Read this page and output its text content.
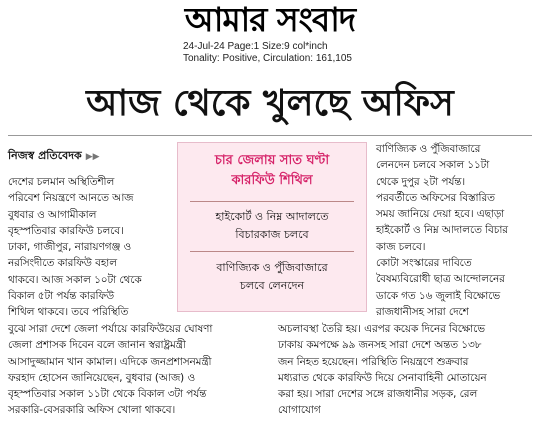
আমার সংবাদ
24-Jul-24 Page:1 Size:9 col*inch
Tonality: Positive, Circulation: 161,105
আজ থেকে খুলছে অফিস
নিজস্ব প্রতিবেদক ▶▶

দেশের চলমান অস্থিতিশীল

পরিবেশ নিয়ন্ত্রণে আনতে আজ

বুধবার ও আগামীকাল

বৃহস্পতিবার কারফিউ চলবে।

ঢাকা, গাজীপুর, নারায়ণগঞ্জ ও

নরসিংদীতে কারফিউ বহাল

থাকবে। আজ সকাল ১০টা থেকে

বিকাল ৫টা পর্যন্ত কারফিউ

শিথিল থাকবে। তবে পরিস্থিতি

চার জেলায় সাত ঘণ্টা
কারফিউ শিথিল
হাইকোর্ট ও নিম্ন আদালতে
বিচারকাজ চলবে
বাণিজ্যিক ও পুঁজিবাজারে
চলবে লেনদেন

বাণিজ্যিক ও পুঁজিবাজারে

লেনদেন চলবে সকাল ১১টা

থেকে দুপুর ২টা পর্যন্ত।

পরবর্তীতে অফিসের বিস্তারিত

সময় জানিয়ে দেয়া হবে। এছাড়া

হাইকোর্ট ও নিম্ন আদালতে বিচার

কাজ চলবে।

কোটা সংস্কারের দাবিতে

বৈষম্যবিরোধী ছাত্র আন্দোলনের

ডাকে গত ১৬ জুলাই বিক্ষোভে

রাজধানীসহ সারা দেশে

বুঝে সারা দেশে জেলা পর্যায়ে কারফিউয়ের ঘোষণা

জেলা প্রশাসক দিবেন বলে জানান স্বরাষ্ট্রমন্ত্রী

আসাদুজ্জামান খান কামাল। এদিকে জনপ্রশাসনমন্ত্রী

ফরহাদ হোসেন জানিয়েছেন, বুধবার (আজ) ও

বৃহস্পতিবার সকাল ১১টা থেকে বিকাল ৩টা পর্যন্ত

সরকারি-বেসরকারি অফিস খোলা থাকবে।

অচলাবস্থা তৈরি হয়। এরপর কয়েক দিনের বিক্ষোভে

ঢাকায় কমপক্ষে ৯৯ জনসহ সারা দেশে অন্তত ১৩৮

জন নিহত হয়েছেন। পরিস্থিতি নিয়ন্ত্রণে শুক্রবার

মধ্যরাত থেকে কারফিউ দিয়ে সেনাবাহিনী মোতায়েন

করা হয়। সারা দেশের সঙ্গে রাজধানীর সড়ক, রেল

যোগাযোগ
